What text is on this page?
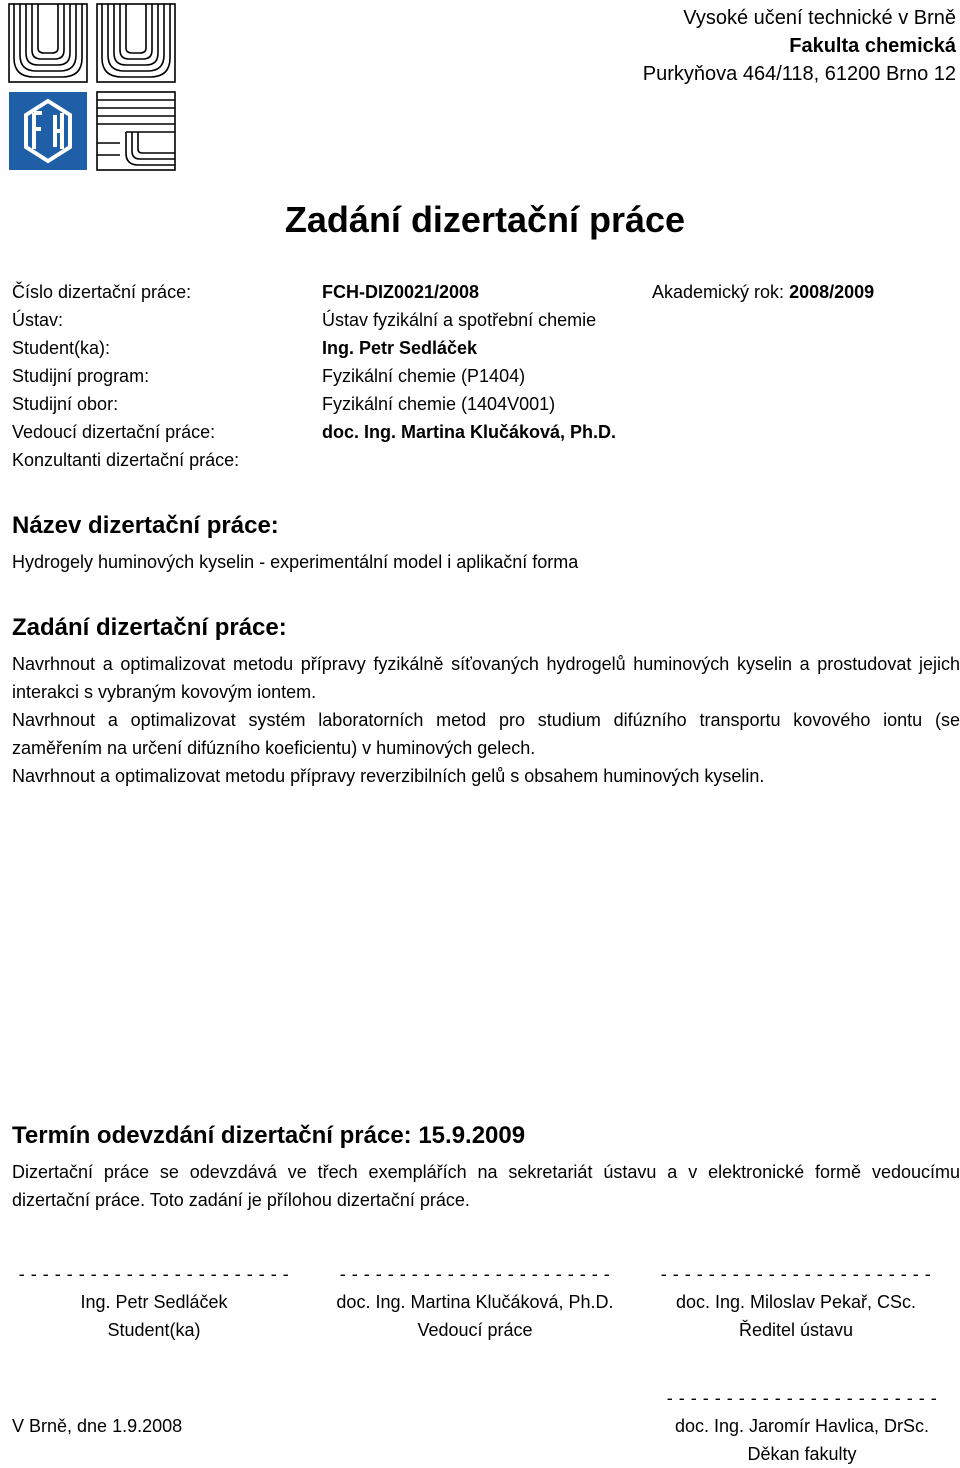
Vysoké učení technické v Brně
Fakulta chemická
Purkyňova 464/118, 61200 Brno 12
Zadání dizertační práce
Číslo dizertační práce:	FCH-DIZ0021/2008	Akademický rok: 2008/2009
Ústav:	Ústav fyzikální a spotřební chemie
Student(ka):	Ing. Petr Sedláček
Studijní program:	Fyzikální chemie (P1404)
Studijní obor:	Fyzikální chemie (1404V001)
Vedoucí dizertační práce:	doc. Ing. Martina Klučáková, Ph.D.
Konzultanti dizertační práce:
Název dizertační práce:
Hydrogely huminových kyselin - experimentální model i aplikační forma
Zadání dizertační práce:
Navrhnout a optimalizovat metodu přípravy fyzikálně síťovaných hydrogelů huminových kyselin a prostudovat jejich interakci s vybraným kovovým iontem.
Navrhnout a optimalizovat systém laboratorních metod pro studium difúzního transportu kovového iontu (se zaměřením na určení difúzního koeficientu) v huminových gelech.
Navrhnout a optimalizovat metodu přípravy reverzibilních gelů s obsahem huminových kyselin.
Termín odevzdání dizertační práce: 15.9.2009
Dizertační práce se odevzdává ve třech exemplářích na sekretariát ústavu a v elektronické formě vedoucímu dizertační práce. Toto zadání je přílohou dizertační práce.
- - - - - - - - - - - - - - - - - - - - - - -
Ing. Petr Sedláček
Student(ka)
- - - - - - - - - - - - - - - - - - - - - - -
doc. Ing. Martina Klučáková, Ph.D.
Vedoucí práce
- - - - - - - - - - - - - - - - - - - - - - -
doc. Ing. Miloslav Pekař, CSc.
Ředitel ústavu
V Brně, dne 1.9.2008
- - - - - - - - - - - - - - - - - - - - - - -
doc. Ing. Jaromír Havlica, DrSc.
Děkan fakulty
